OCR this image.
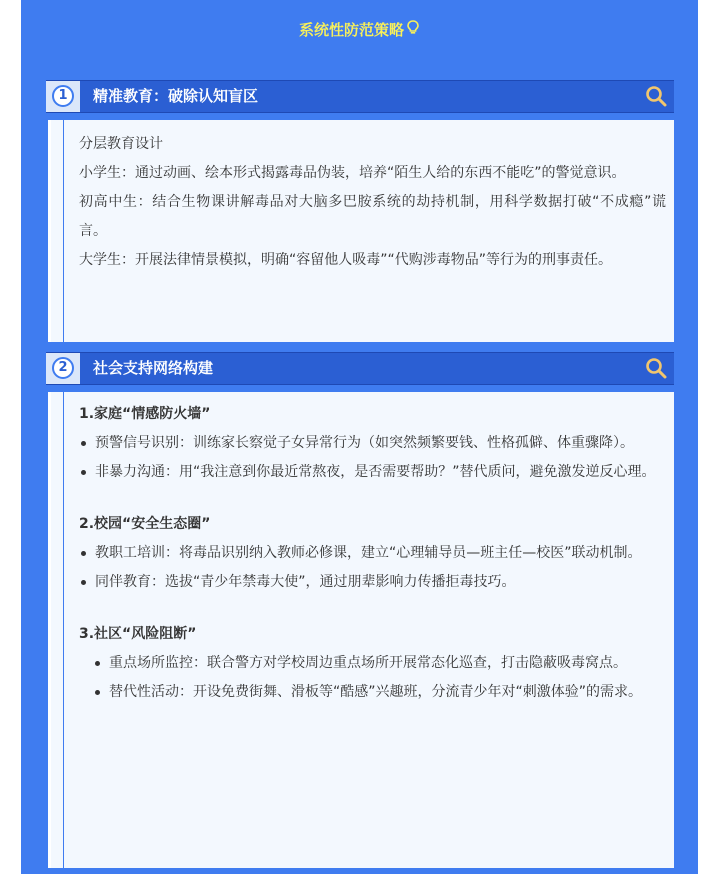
系统性防范策略
1	精准教育：破除认知盲区

分层教育设计

小学生：通过动画、绘本形式揭露毒品伪装，培养“陌生人给的东西不能吃”的警觉意识。

初高中生：结合生物课讲解毒品对大脑多巴胺系统的劫持机制，用科学数据打破“不成瘾”谎言。

大学生：开展法律情景模拟，明确“容留他人吸毒”“代购涉毒物品”等行为的刑事责任。

2	社会支持网络构建

1.家庭“情感防火墙”

预警信号识别：训练家长察觉子女异常行为（如突然频繁要钱、性格孤僻、体重骤降）。
非暴力沟通：用“我注意到你最近常熬夜，是否需要帮助？”替代质问，避免激发逆反心理。

2.校园“安全生态圈”

教职工培训：将毒品识别纳入教师必修课，建立“心理辅导员—班主任—校医”联动机制。
同伴教育：选拔“青少年禁毒大使”，通过朋辈影响力传播拒毒技巧。

3.社区“风险阻断”

重点场所监控：联合警方对学校周边重点场所开展常态化巡查，打击隐蔽吸毒窝点。
替代性活动：开设免费街舞、滑板等“酷感”兴趣班，分流青少年对“刺激体验”的需求。
